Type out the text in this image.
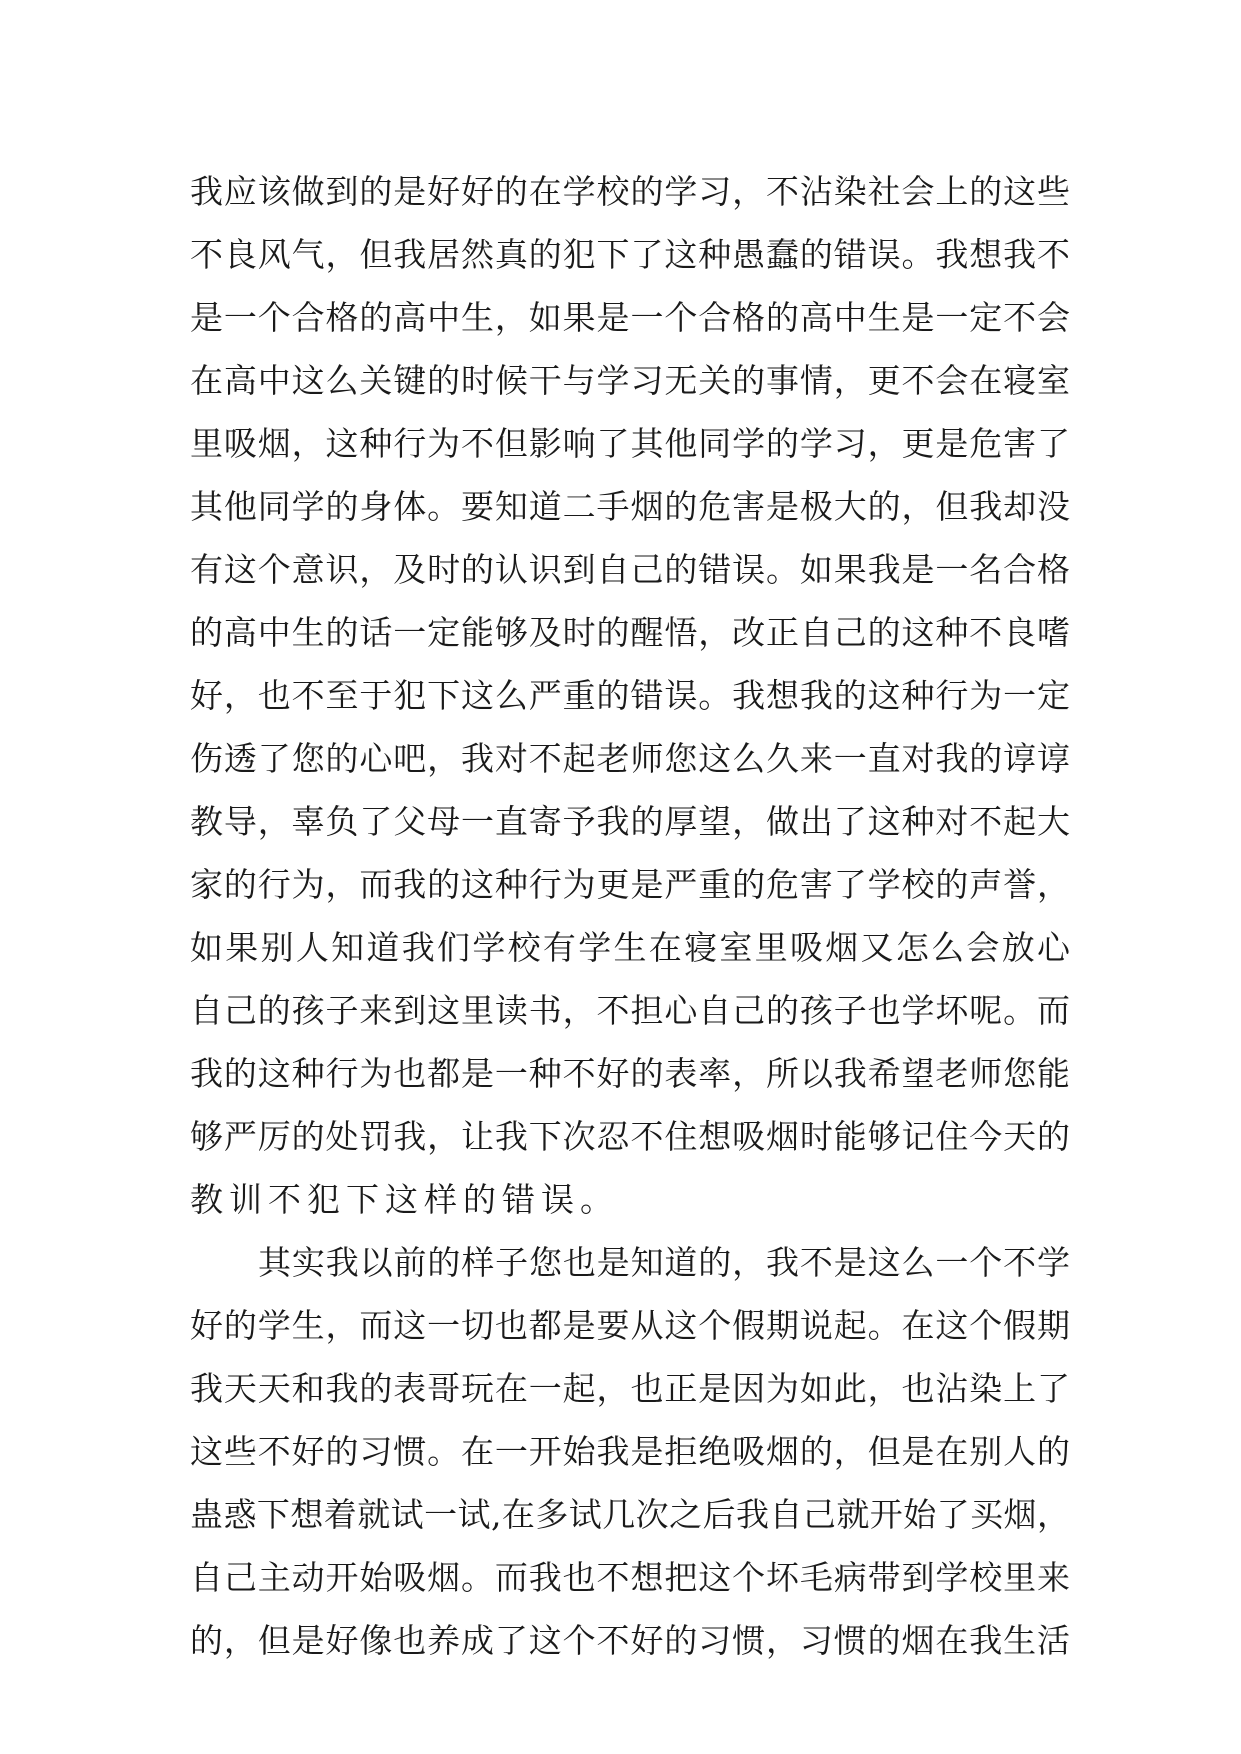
我应该做到的是好好的在学校的学习，不沾染社会上的这些
不良风气，但我居然真的犯下了这种愚蠢的错误。我想我不
是一个合格的高中生，如果是一个合格的高中生是一定不会
在高中这么关键的时候干与学习无关的事情，更不会在寝室
里吸烟，这种行为不但影响了其他同学的学习，更是危害了
其他同学的身体。要知道二手烟的危害是极大的，但我却没
有这个意识，及时的认识到自己的错误。如果我是一名合格
的高中生的话一定能够及时的醒悟，改正自己的这种不良嗜
好，也不至于犯下这么严重的错误。我想我的这种行为一定
伤透了您的心吧，我对不起老师您这么久来一直对我的谆谆
教导，辜负了父母一直寄予我的厚望，做出了这种对不起大
家的行为，而我的这种行为更是严重的危害了学校的声誉，
如果别人知道我们学校有学生在寝室里吸烟又怎么会放心
自己的孩子来到这里读书，不担心自己的孩子也学坏呢。而
我的这种行为也都是一种不好的表率，所以我希望老师您能
够严厉的处罚我，让我下次忍不住想吸烟时能够记住今天的
教训不犯下这样的错误。
其实我以前的样子您也是知道的，我不是这么一个不学
好的学生，而这一切也都是要从这个假期说起。在这个假期
我天天和我的表哥玩在一起，也正是因为如此，也沾染上了
这些不好的习惯。在一开始我是拒绝吸烟的，但是在别人的
蛊惑下想着就试一试,在多试几次之后我自己就开始了买烟，
自己主动开始吸烟。而我也不想把这个坏毛病带到学校里来
的，但是好像也养成了这个不好的习惯，习惯的烟在我生活
